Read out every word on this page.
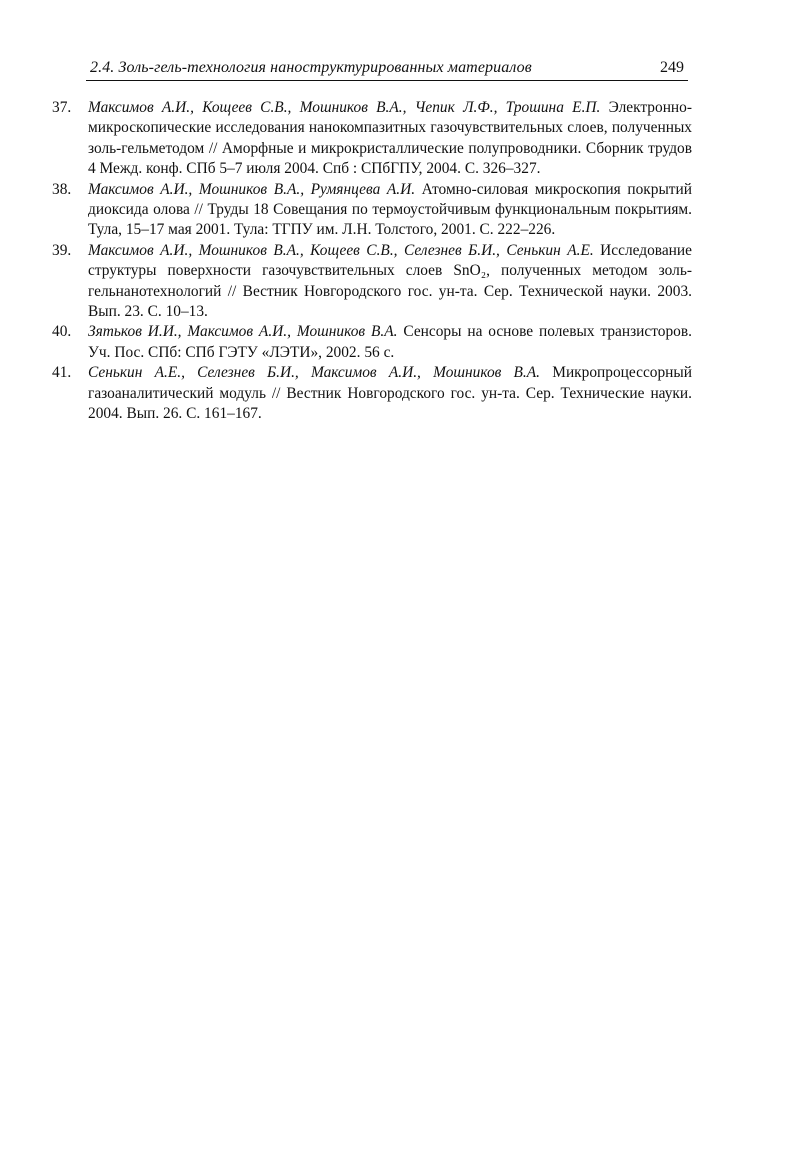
2.4. Золь-гель-технология наноструктурированных материалов	249
37.	Максимов А.И., Кощеев С.В., Мошников В.А., Чепик Л.Ф., Трошина Е.П. Электронно-микроскопические исследования нанокомпазитных газочувствительных слоев, полученных золь-гельметодом // Аморфные и микрокристаллические полупроводники. Сборник трудов 4 Межд. конф. СПб 5–7 июля 2004. Спб : СПбГПУ, 2004. С. 326–327.
38.	Максимов А.И., Мошников В.А., Румянцева А.И. Атомно-силовая микроскопия покрытий диоксида олова // Труды 18 Совещания по термоустойчивым функциональным покрытиям. Тула, 15–17 мая 2001. Тула: ТГПУ им. Л.Н. Толстого, 2001. С. 222–226.
39.	Максимов А.И., Мошников В.А., Кощеев С.В., Селезнев Б.И., Сенькин А.Е. Исследование структуры поверхности газочувствительных слоев SnO₂, полученных методом золь-гельнанотехнологий // Вестник Новгородского гос. ун-та. Сер. Технической науки. 2003. Вып. 23. С. 10–13.
40.	Зятьков И.И., Максимов А.И., Мошников В.А. Сенсоры на основе полевых транзисторов. Уч. Пос. СПб: СПб ГЭТУ «ЛЭТИ», 2002. 56 с.
41.	Сенькин А.Е., Селезнев Б.И., Максимов А.И., Мошников В.А. Микропроцессорный газоаналитический модуль // Вестник Новгородского гос. ун-та. Сер. Технические науки. 2004. Вып. 26. С. 161–167.
